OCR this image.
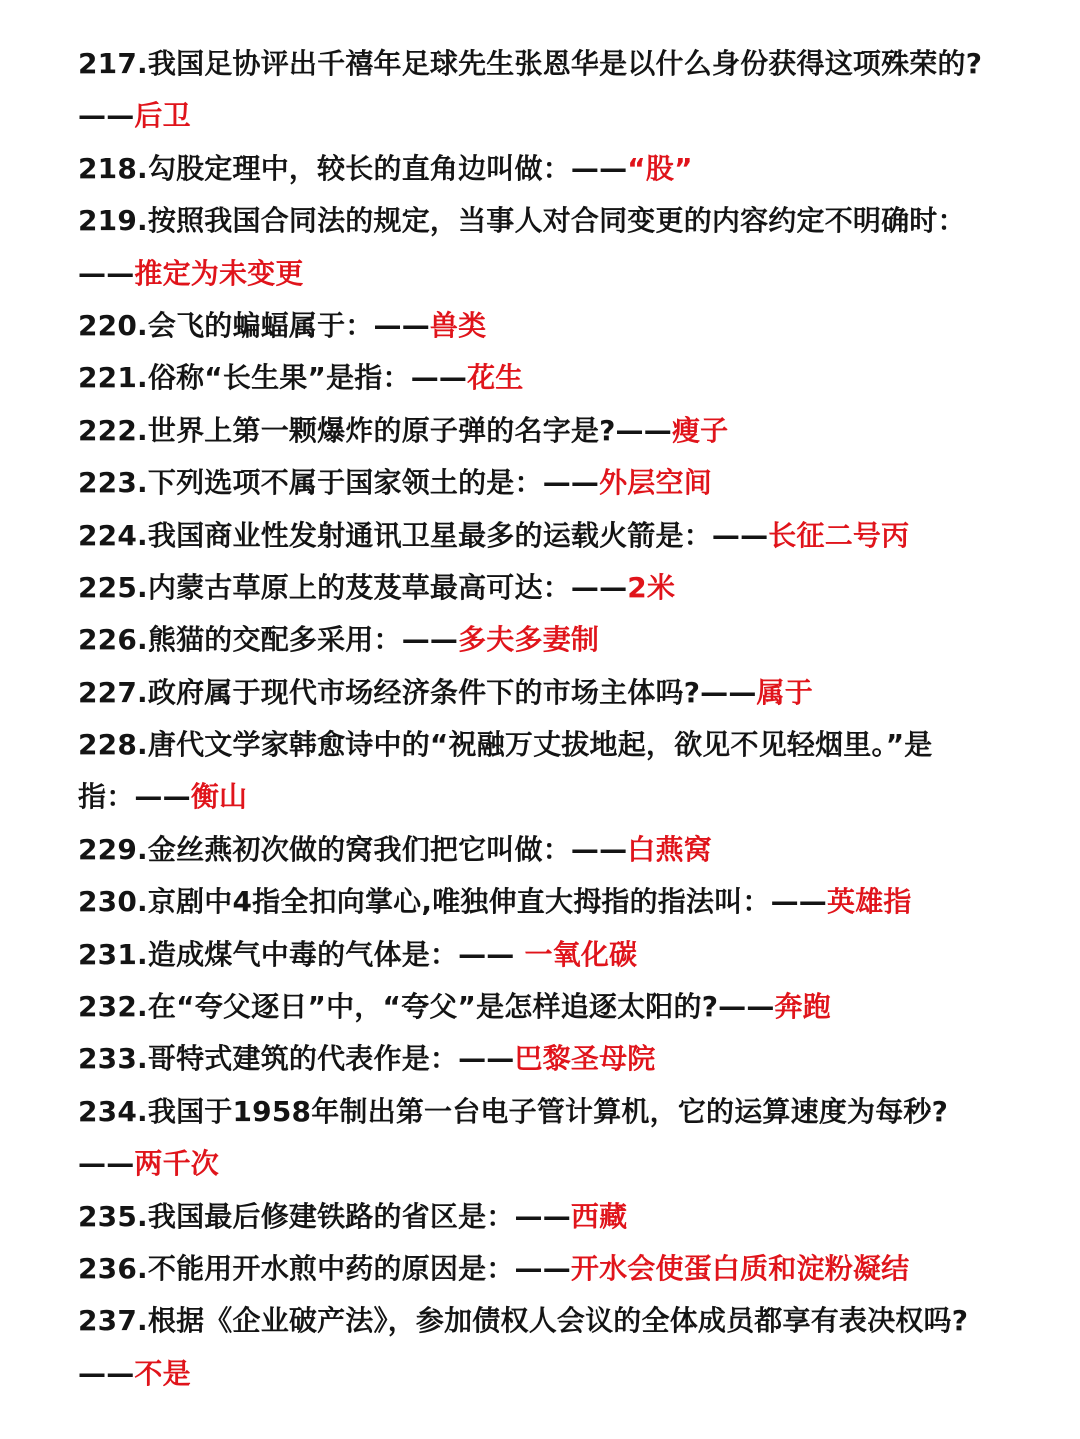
217.我国足协评出千禧年足球先生张恩华是以什么身份获得这项殊荣的?
——后卫
218.勾股定理中，较长的直角边叫做：——“股”
219.按照我国合同法的规定，当事人对合同变更的内容约定不明确时：
——推定为未变更
220.会飞的蝙蝠属于：——兽类
221.俗称“长生果”是指：——花生
222.世界上第一颗爆炸的原子弹的名字是?——瘦子
223.下列选项不属于国家领土的是：——外层空间
224.我国商业性发射通讯卫星最多的运载火箭是：——长征二号丙
225.内蒙古草原上的芨芨草最高可达：——2米
226.熊猫的交配多采用：——多夫多妻制
227.政府属于现代市场经济条件下的市场主体吗?——属于
228.唐代文学家韩愈诗中的“祝融万丈拔地起，欲见不见轻烟里。”是
指：——衡山
229.金丝燕初次做的窝我们把它叫做：——白燕窝
230.京剧中4指全扣向掌心,唯独伸直大拇指的指法叫：——英雄指
231.造成煤气中毒的气体是：—— 一氧化碳
232.在“夸父逐日”中，“夸父”是怎样追逐太阳的?——奔跑
233.哥特式建筑的代表作是：——巴黎圣母院
234.我国于1958年制出第一台电子管计算机，它的运算速度为每秒?
——两千次
235.我国最后修建铁路的省区是：——西藏
236.不能用开水煎中药的原因是：——开水会使蛋白质和淀粉凝结
237.根据《企业破产法》，参加债权人会议的全体成员都享有表决权吗?
——不是
